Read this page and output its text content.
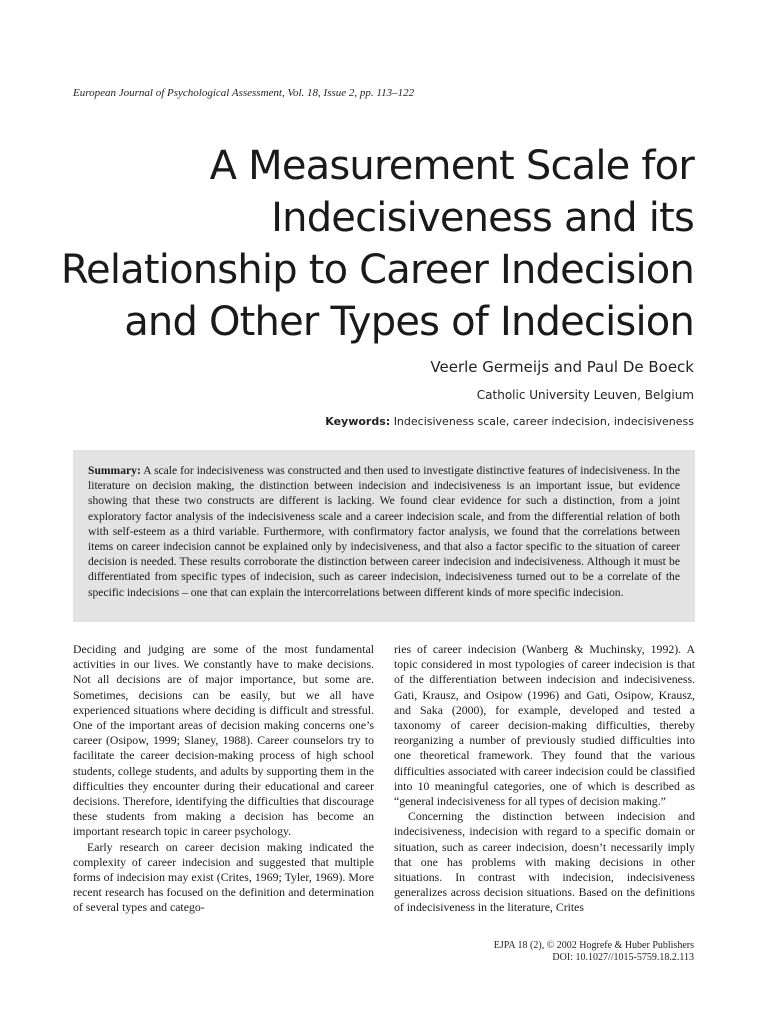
European Journal of Psychological Assessment, Vol. 18, Issue 2, pp. 113–122
A Measurement Scale for
Indecisiveness and its
Relationship to Career Indecision
and Other Types of Indecision
Veerle Germeijs and Paul De Boeck
Catholic University Leuven, Belgium
Keywords: Indecisiveness scale, career indecision, indecisiveness

Summary: A scale for indecisiveness was constructed and then used to investigate distinctive features of indecisiveness. In the literature on decision making, the distinction between indecision and indecisiveness is an important issue, but evidence showing that these two constructs are different is lacking. We found clear evidence for such a distinction, from a joint exploratory factor analysis of the indecisiveness scale and a career indecision scale, and from the differential relation of both with self-esteem as a third variable. Furthermore, with confirmatory factor analysis, we found that the correlations between items on career indecision cannot be explained only by indecisiveness, and that also a factor specific to the situation of career decision is needed. These results corroborate the distinction between career indecision and indecisiveness. Although it must be differentiated from specific types of indecision, such as career indecision, indecisiveness turned out to be a correlate of the specific indecisions – one that can explain the intercorrelations between different kinds of more specific indecision.

Deciding and judging are some of the most fundamental activities in our lives. We constantly have to make decisions. Not all decisions are of major importance, but some are. Sometimes, decisions can be easily, but we all have experienced situations where deciding is difficult and stressful. One of the important areas of decision making concerns one’s career (Osipow, 1999; Slaney, 1988). Career counselors try to facilitate the career decision-making process of high school students, college students, and adults by supporting them in the difficulties they encounter during their educational and career decisions. Therefore, identifying the difficulties that discourage these students from making a decision has become an important research topic in career psychology.

Early research on career decision making indicated the complexity of career indecision and suggested that multiple forms of indecision may exist (Crites, 1969; Tyler, 1969). More recent research has focused on the definition and determination of several types and catego-

ries of career indecision (Wanberg & Muchinsky, 1992). A topic considered in most typologies of career indecision is that of the differentiation between indecision and indecisiveness. Gati, Krausz, and Osipow (1996) and Gati, Osipow, Krausz, and Saka (2000), for example, developed and tested a taxonomy of career decision-making difficulties, thereby reorganizing a number of previously studied difficulties into one theoretical framework. They found that the various difficulties associated with career indecision could be classified into 10 meaningful categories, one of which is described as “general indecisiveness for all types of decision making.”

Concerning the distinction between indecision and indecisiveness, indecision with regard to a specific domain or situation, such as career indecision, doesn’t necessarily imply that one has problems with making decisions in other situations. In contrast with indecision, indecisiveness generalizes across decision situations. Based on the definitions of indecisiveness in the literature, Crites

EJPA 18 (2), © 2002 Hogrefe & Huber Publishers
DOI: 10.1027//1015-5759.18.2.113
